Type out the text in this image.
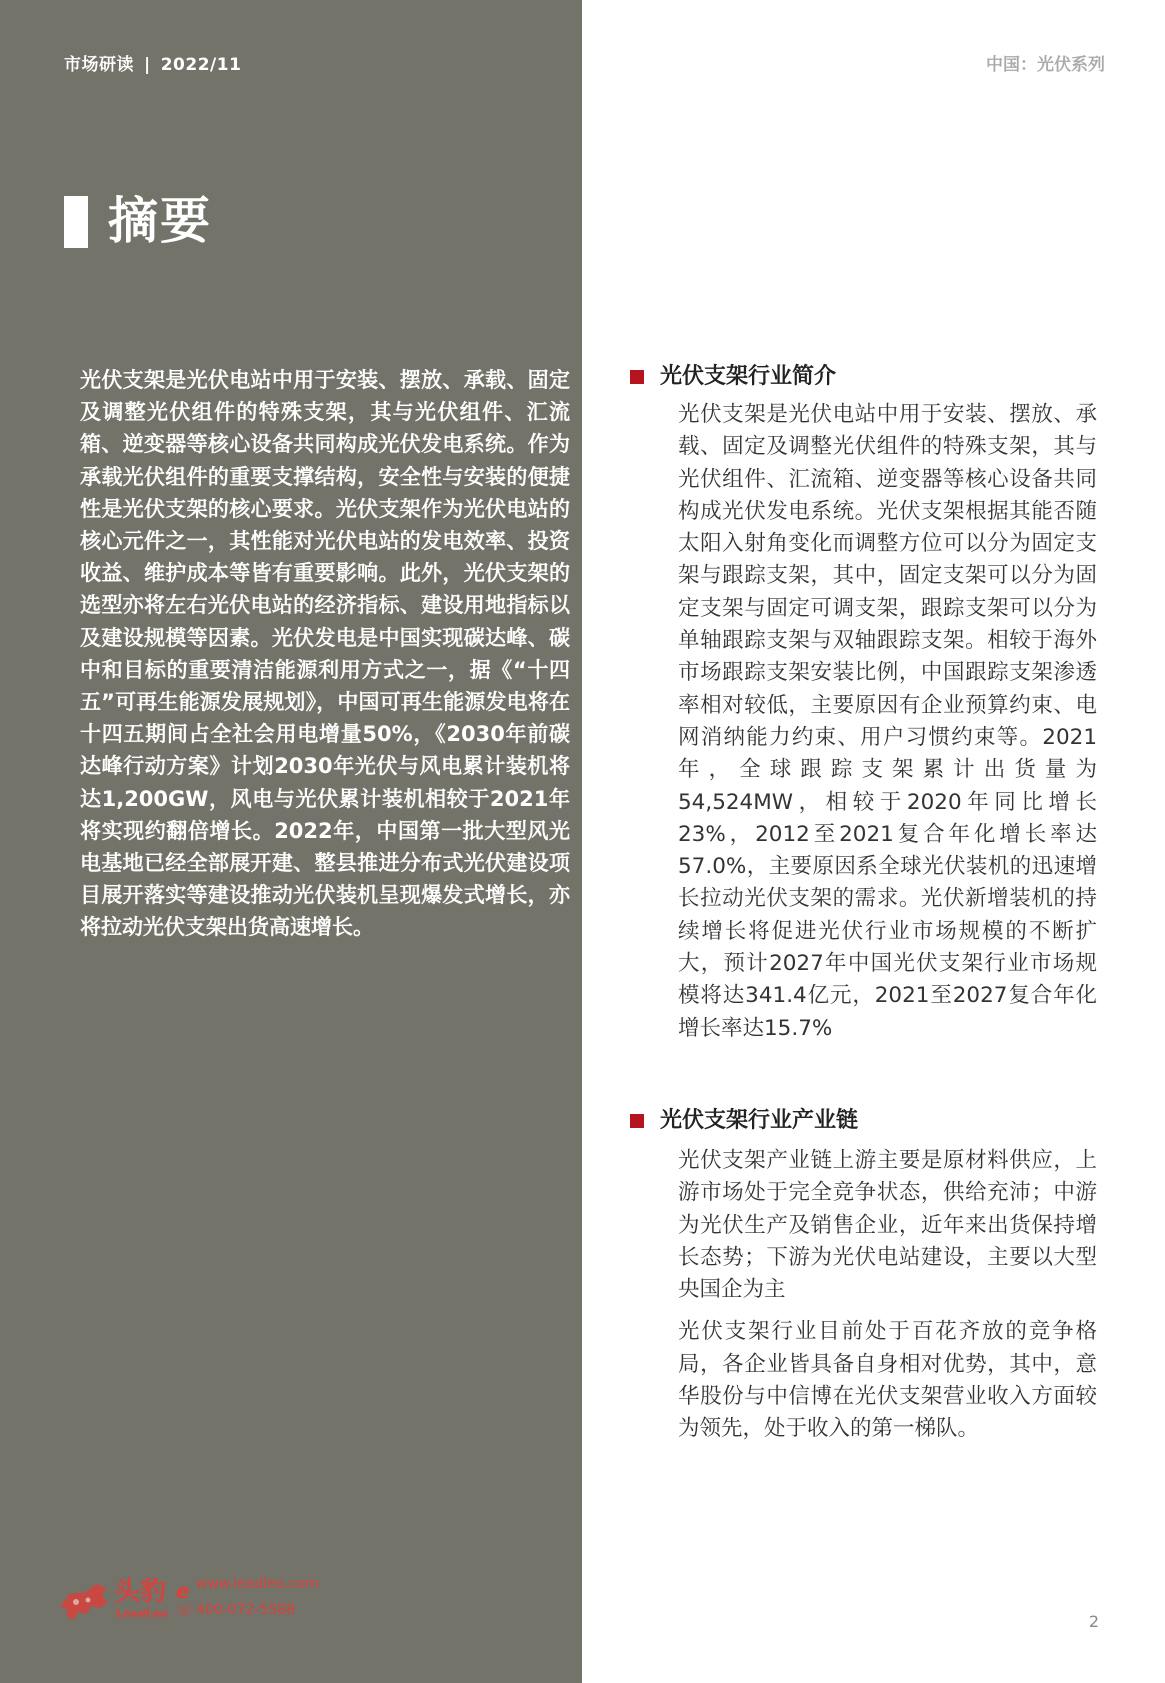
市场研读 | 2022/11	中国：光伏系列
摘要

光伏支架是光伏电站中用于安装、摆放、承载、固定及调整光伏组件的特殊支架，其与光伏组件、汇流箱、逆变器等核心设备共同构成光伏发电系统。作为承载光伏组件的重要支撑结构，安全性与安装的便捷性是光伏支架的核心要求。光伏支架作为光伏电站的核心元件之一，其性能对光伏电站的发电效率、投资收益、维护成本等皆有重要影响。此外，光伏支架的选型亦将左右光伏电站的经济指标、建设用地指标以及建设规模等因素。光伏发电是中国实现碳达峰、碳中和目标的重要清洁能源利用方式之一，据《“十四五”可再生能源发展规划》，中国可再生能源发电将在十四五期间占全社会用电增量50%，《2030年前碳达峰行动方案》计划2030年光伏与风电累计装机将达1,200GW，风电与光伏累计装机相较于2021年将实现约翻倍增长。2022年，中国第一批大型风光电基地已经全部展开建、整县推进分布式光伏建设项目展开落实等建设推动光伏装机呈现爆发式增长，亦将拉动光伏支架出货高速增长。

光伏支架行业简介

光伏支架是光伏电站中用于安装、摆放、承载、固定及调整光伏组件的特殊支架，其与光伏组件、汇流箱、逆变器等核心设备共同构成光伏发电系统。光伏支架根据其能否随太阳入射角变化而调整方位可以分为固定支架与跟踪支架，其中，固定支架可以分为固定支架与固定可调支架，跟踪支架可以分为单轴跟踪支架与双轴跟踪支架。相较于海外市场跟踪支架安装比例，中国跟踪支架渗透率相对较低，主要原因有企业预算约束、电网消纳能力约束、用户习惯约束等。2021年，全球跟踪支架累计出货量为54,524MW，相较于2020年同比增长23%，2012至2021复合年化增长率达57.0%，主要原因系全球光伏装机的迅速增长拉动光伏支架的需求。光伏新增装机的持续增长将促进光伏行业市场规模的不断扩大，预计2027年中国光伏支架行业市场规模将达341.4亿元，2021至2027复合年化增长率达15.7%

光伏支架行业产业链

光伏支架产业链上游主要是原材料供应，上游市场处于完全竞争状态，供给充沛；中游为光伏生产及销售企业，近年来出货保持增长态势；下游为光伏电站建设，主要以大型央国企为主

光伏支架行业目前处于百花齐放的竞争格局，各企业皆具备自身相对优势，其中，意华股份与中信博在光伏支架营业收入方面较为领先，处于收入的第一梯队。

头豹
LeadLeo
e www.leadleo.com
☏ 400-072-5588
2
